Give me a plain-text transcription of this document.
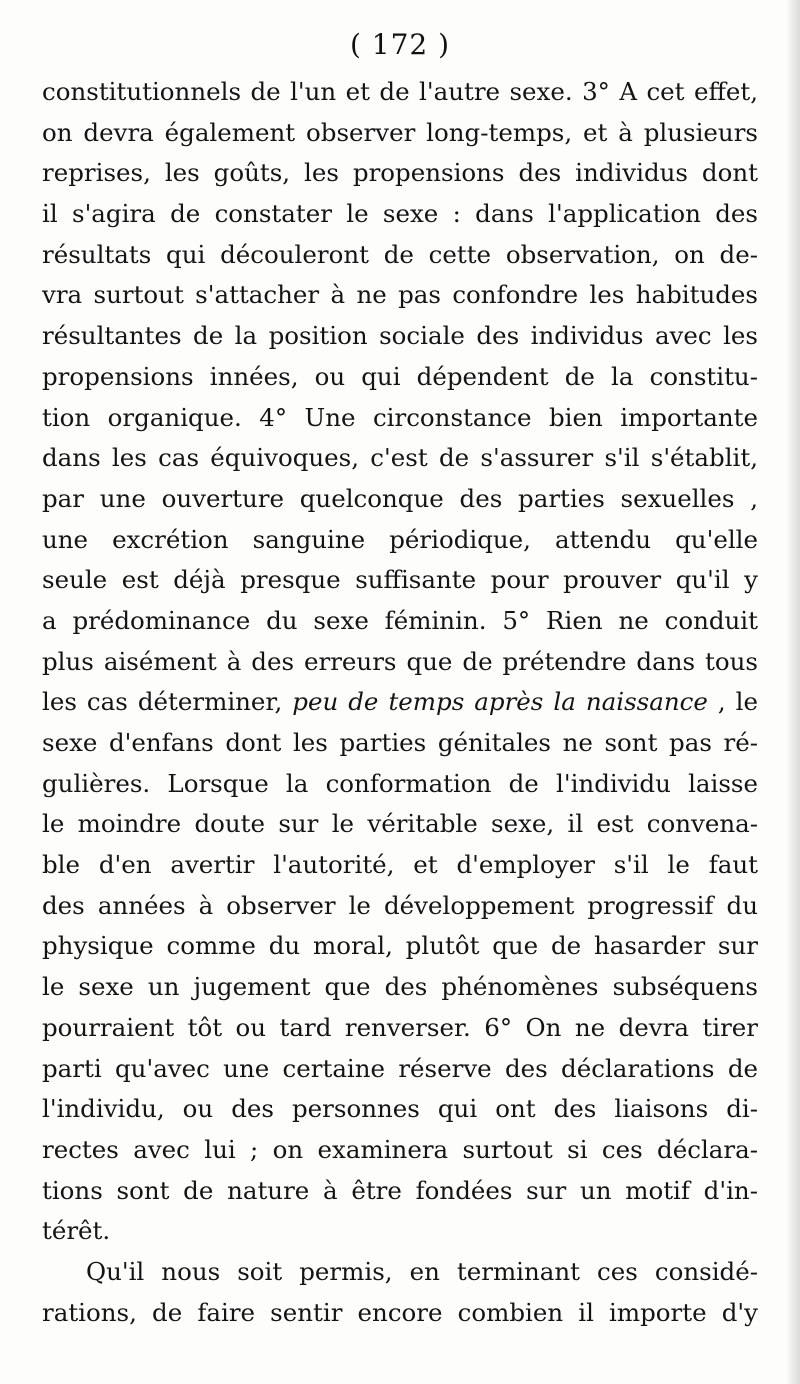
( 172 )
constitutionnels de l'un et de l'autre sexe. 3° A cet effet,
on devra également observer long-temps, et à plusieurs
reprises, les goûts, les propensions des individus dont
il s'agira de constater le sexe : dans l'application des
résultats qui découleront de cette observation, on de-
vra surtout s'attacher à ne pas confondre les habitudes
résultantes de la position sociale des individus avec les
propensions innées, ou qui dépendent de la constitu-
tion organique. 4° Une circonstance bien importante
dans les cas équivoques, c'est de s'assurer s'il s'établit,
par une ouverture quelconque des parties sexuelles ,
une excrétion sanguine périodique, attendu qu'elle
seule est déjà presque suffisante pour prouver qu'il y
a prédominance du sexe féminin. 5° Rien ne conduit
plus aisément à des erreurs que de prétendre dans tous
les cas déterminer, peu de temps après la naissance , le
sexe d'enfans dont les parties génitales ne sont pas ré-
gulières. Lorsque la conformation de l'individu laisse
le moindre doute sur le véritable sexe, il est convena-
ble d'en avertir l'autorité, et d'employer s'il le faut
des années à observer le développement progressif du
physique comme du moral, plutôt que de hasarder sur
le sexe un jugement que des phénomènes subséquens
pourraient tôt ou tard renverser. 6° On ne devra tirer
parti qu'avec une certaine réserve des déclarations de
l'individu, ou des personnes qui ont des liaisons di-
rectes avec lui ; on examinera surtout si ces déclara-
tions sont de nature à être fondées sur un motif d'in-
térêt.
Qu'il nous soit permis, en terminant ces considé-
rations, de faire sentir encore combien il importe d'y
